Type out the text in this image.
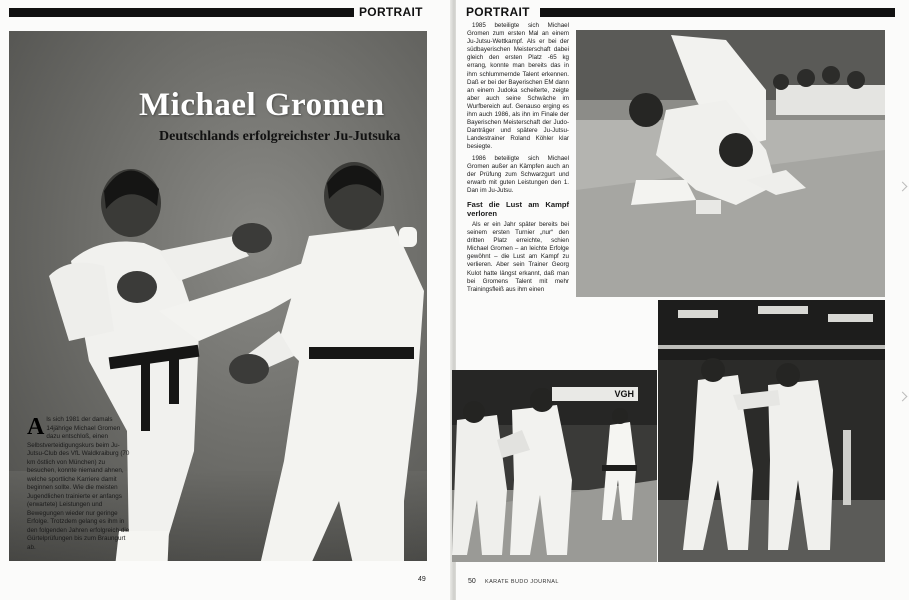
PORTRAIT
Michael Gromen
Deutschlands erfolgreichster Ju-Jutsuka

Als sich 1981 der damals 14jährige Michael Gromen dazu entschloß, einen Selbstverteidigungskurs beim Ju-Jutsu-Club des VfL Waldkraiburg (70 km östlich von München) zu besuchen, konnte niemand ahnen, welche sportliche Karriere damit beginnen sollte. Wie die meisten Jugendlichen trainierte er anfangs (erwartete) Leistungen und Bewegungen wieder nur geringe Erfolge. Trotzdem gelang es ihm in den folgenden Jahren erfolgreich die Gürtelprüfungen bis zum Braungurt ab.

49
PORTRAIT

1985 beteiligte sich Michael Gromen zum ersten Mal an einem Ju-Jutsu-Wettkampf. Als er bei der südbayerischen Meisterschaft dabei gleich den ersten Platz -65 kg errang, konnte man bereits das in ihm schlummernde Talent erkennen. Daß er bei der Bayerischen EM dann an einem Judoka scheiterte, zeigte aber auch seine Schwäche im Wurfbereich auf. Genauso erging es ihm auch 1986, als ihn im Finale der Bayerischen Meisterschaft der Judo-Danträger und spätere Ju-Jutsu-Landestrainer Roland Köhler klar besiegte.

1986 beteiligte sich Michael Gromen außer an Kämpfen auch an der Prüfung zum Schwarzgurt und erwarb mit guten Leistungen den 1. Dan im Ju-Jutsu.

Fast die Lust am Kampf verloren

Als er ein Jahr später bereits bei seinem ersten Turnier „nur“ den dritten Platz erreichte, schien Michael Gromen – an leichte Erfolge gewöhnt – die Lust am Kampf zu verlieren. Aber sein Trainer Georg Kulot hatte längst erkannt, daß man bei Gromens Talent mit mehr Trainingsfleiß aus ihm einen

VGH
50 KARATE BUDO JOURNAL
